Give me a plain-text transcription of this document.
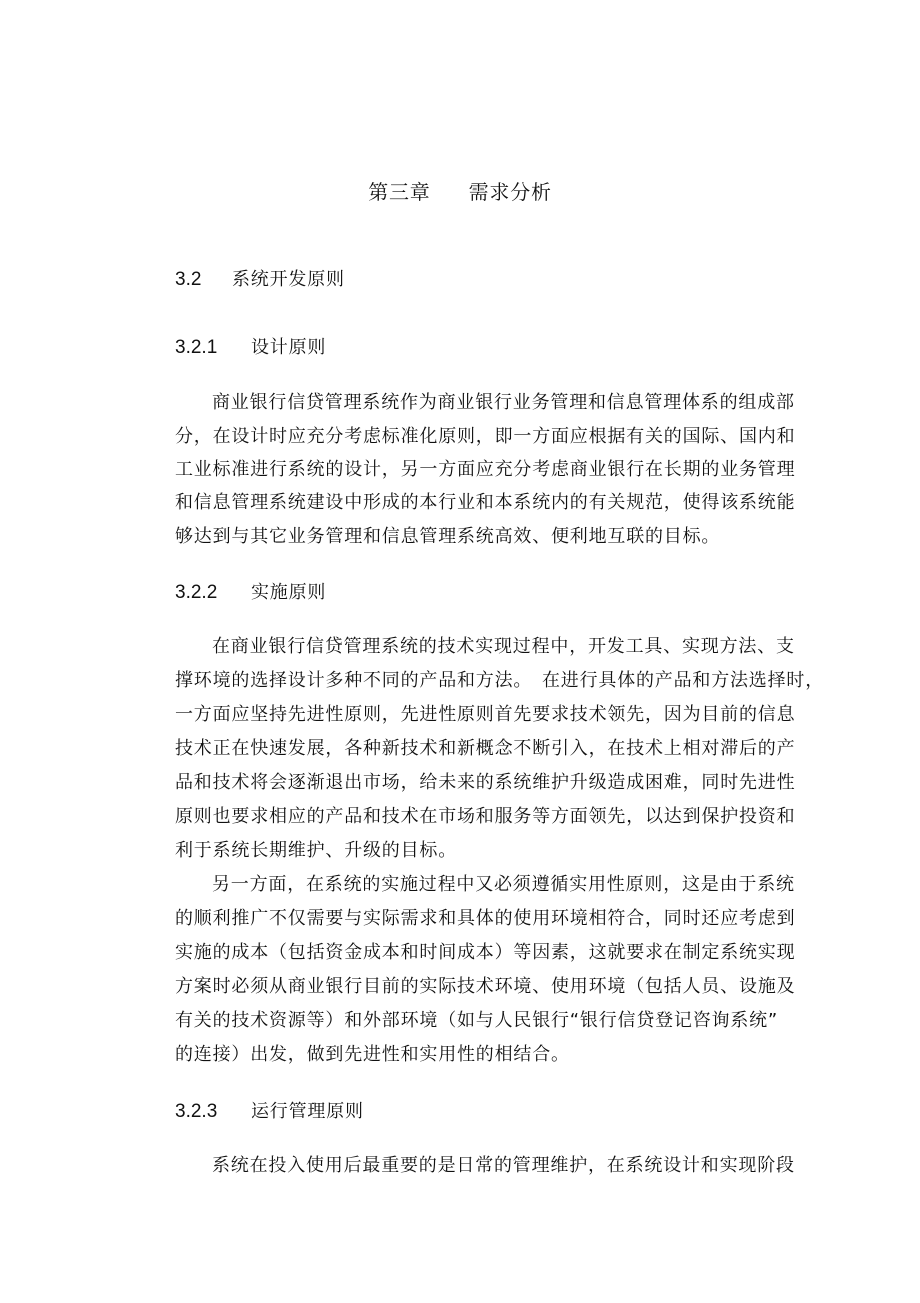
第三章 需求分析
3.2 系统开发原则
3.2.1 设计原则
商业银行信贷管理系统作为商业银行业务管理和信息管理体系的组成部
分，在设计时应充分考虑标准化原则，即一方面应根据有关的国际、国内和
工业标准进行系统的设计，另一方面应充分考虑商业银行在长期的业务管理
和信息管理系统建设中形成的本行业和本系统内的有关规范，使得该系统能
够达到与其它业务管理和信息管理系统高效、便利地互联的目标。
3.2.2 实施原则
在商业银行信贷管理系统的技术实现过程中，开发工具、实现方法、支
撑环境的选择设计多种不同的产品和方法。　在进行具体的产品和方法选择时，
一方面应坚持先进性原则，先进性原则首先要求技术领先，因为目前的信息
技术正在快速发展，各种新技术和新概念不断引入，在技术上相对滞后的产
品和技术将会逐渐退出市场，给未来的系统维护升级造成困难，同时先进性
原则也要求相应的产品和技术在市场和服务等方面领先，以达到保护投资和
利于系统长期维护、升级的目标。
另一方面，在系统的实施过程中又必须遵循实用性原则，这是由于系统
的顺利推广不仅需要与实际需求和具体的使用环境相符合，同时还应考虑到
实施的成本（包括资金成本和时间成本）等因素，这就要求在制定系统实现
方案时必须从商业银行目前的实际技术环境、使用环境（包括人员、设施及
有关的技术资源等）和外部环境（如与人民银行“银行信贷登记咨询系统”
的连接）出发，做到先进性和实用性的相结合。
3.2.3 运行管理原则
系统在投入使用后最重要的是日常的管理维护，在系统设计和实现阶段
